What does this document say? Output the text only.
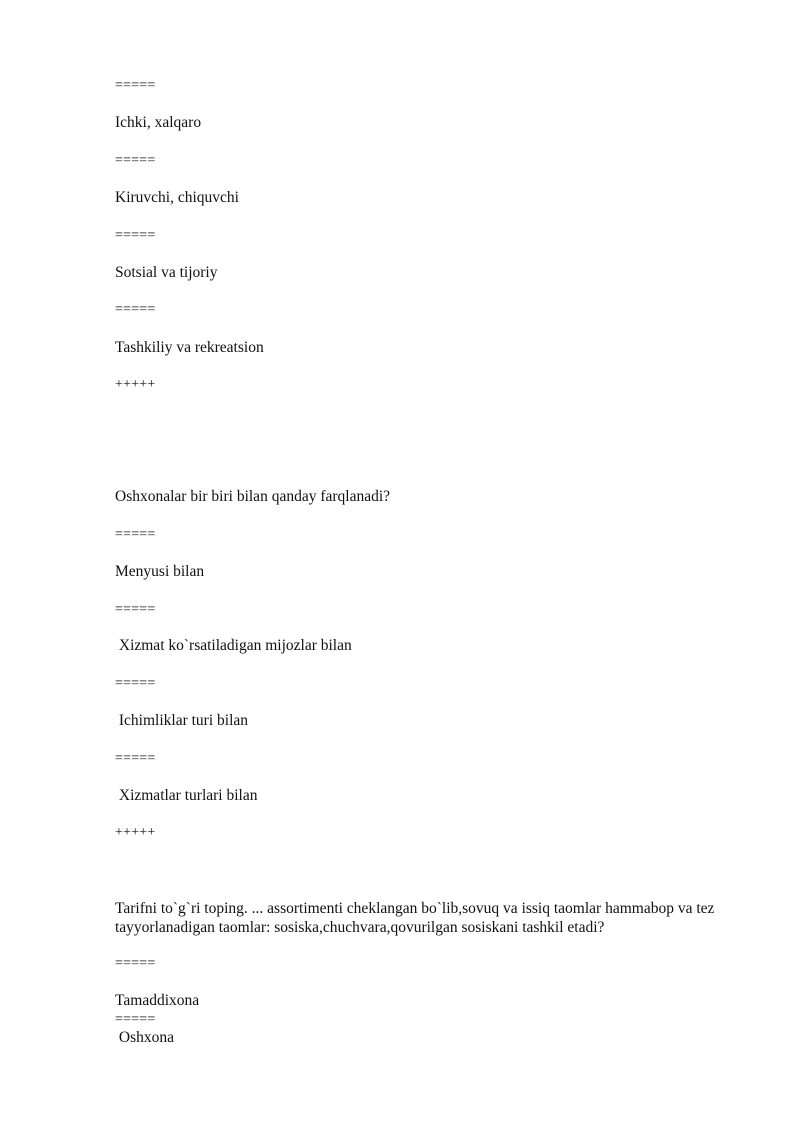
=====
Ichki, xalqaro
=====
Kiruvchi, chiquvchi
=====
Sotsial va tijoriy
=====
Tashkiliy va rekreatsion
+++++
Oshxonalar bir biri bilan qanday farqlanadi?
=====
Menyusi bilan
=====
Xizmat ko`rsatiladigan mijozlar bilan
=====
Ichimliklar turi bilan
=====
Xizmatlar turlari bilan
+++++
Tarifni to`g`ri toping. ... assortimenti cheklangan bo`lib,sovuq va issiq taomlar hammabop va tez tayyorlanadigan taomlar: sosiska,chuchvara,qovurilgan sosiskani tashkil etadi?
=====
Tamaddixona
=====
Oshxona
